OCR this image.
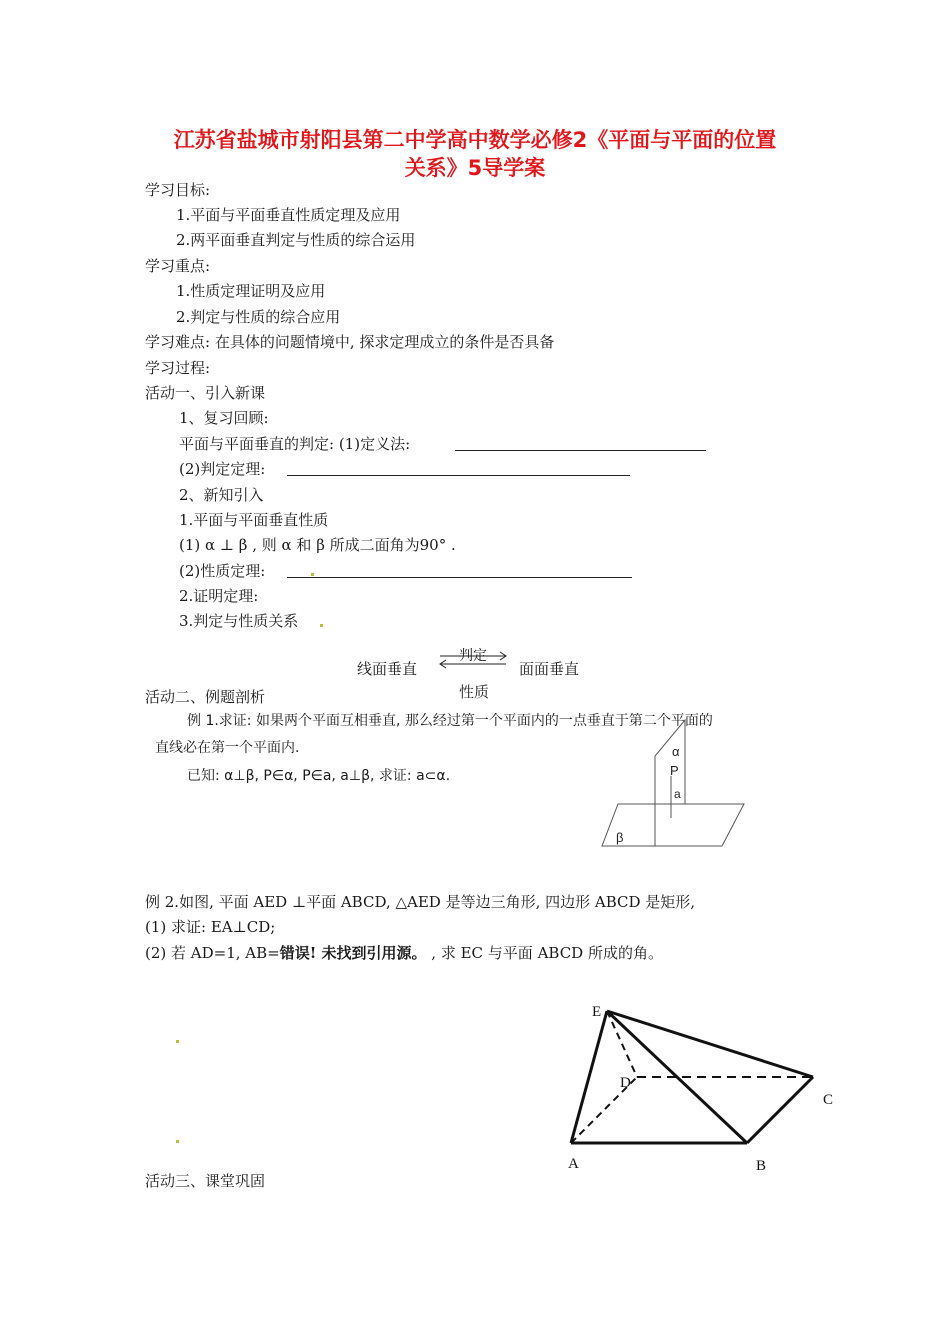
江苏省盐城市射阳县第二中学高中数学必修2《平面与平面的位置
关系》5导学案
学习目标:
1.平面与平面垂直性质定理及应用
2.两平面垂直判定与性质的综合运用
学习重点:
1.性质定理证明及应用
2.判定与性质的综合应用
学习难点: 在具体的问题情境中, 探求定理成立的条件是否具备
学习过程:
活动一、引入新课
1、复习回顾:
平面与平面垂直的判定: (1)定义法:
(2)判定定理:
2、新知引入
1.平面与平面垂直性质
(1) α ⊥ β , 则 α 和 β 所成二面角为90° .
(2)性质定理:
2.证明定理:
3.判定与性质关系
线面垂直
判定
面面垂直
性质
活动二、例题剖析
例 1.求证: 如果两个平面互相垂直, 那么经过第一个平面内的一点垂直于第二个平面的
直线必在第一个平面内.
已知: α⊥β, P∈α, P∈a, a⊥β, 求证: a⊂α.
α
P
a
β
例 2.如图, 平面 AED ⊥平面 ABCD, △AED 是等边三角形, 四边形 ABCD 是矩形,
(1) 求证: EA⊥CD;
(2) 若 AD=1, AB=错误! 未找到引用源。 , 求 EC 与平面 ABCD 所成的角。
E
D
C
A	B
活动三、课堂巩固
